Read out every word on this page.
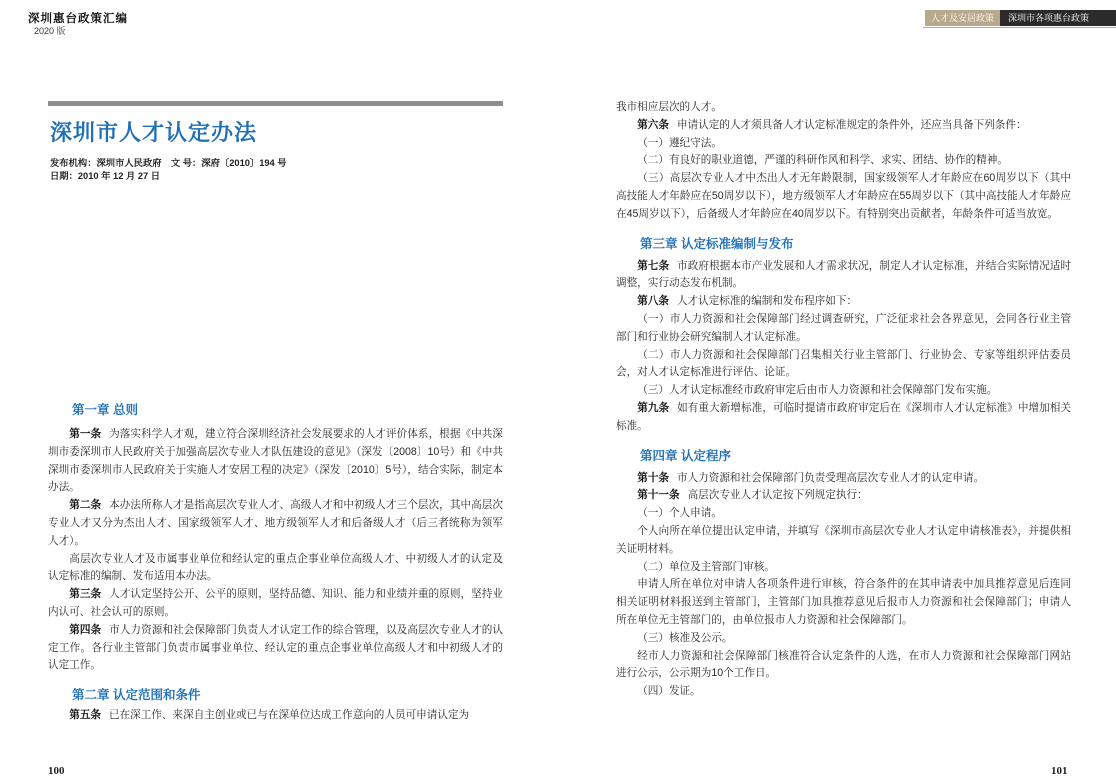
深圳惠台政策汇编
2020 版
人才及安居政策	深圳市各项惠台政策
深圳市人才认定办法
发布机构：深圳市人民政府　文 号：深府〔2010〕194 号
日期：2010 年 12 月 27 日
第一章 总则

第一条 为落实科学人才观，建立符合深圳经济社会发展要求的人才评价体系，根据《中共深圳市委深圳市人民政府关于加强高层次专业人才队伍建设的意见》（深发〔2008〕10号）和《中共深圳市委深圳市人民政府关于实施人才安居工程的决定》（深发〔2010〕5号），结合实际，制定本办法。

第二条 本办法所称人才是指高层次专业人才、高级人才和中初级人才三个层次，其中高层次专业人才又分为杰出人才、国家级领军人才、地方级领军人才和后备级人才（后三者统称为领军人才）。

高层次专业人才及市属事业单位和经认定的重点企事业单位高级人才、中初级人才的认定及认定标准的编制、发布适用本办法。

第三条 人才认定坚持公开、公平的原则，坚持品德、知识、能力和业绩并重的原则，坚持业内认可、社会认可的原则。

第四条 市人力资源和社会保障部门负责人才认定工作的综合管理，以及高层次专业人才的认定工作。各行业主管部门负责市属事业单位、经认定的重点企事业单位高级人才和中初级人才的认定工作。

第二章 认定范围和条件

第五条 已在深工作、来深自主创业或已与在深单位达成工作意向的人员可申请认定为

我市相应层次的人才。

第六条 申请认定的人才须具备人才认定标准规定的条件外，还应当具备下列条件：

（一）遵纪守法。

（二）有良好的职业道德，严谨的科研作风和科学、求实、团结、协作的精神。

（三）高层次专业人才中杰出人才无年龄限制，国家级领军人才年龄应在60周岁以下（其中高技能人才年龄应在50周岁以下），地方级领军人才年龄应在55周岁以下（其中高技能人才年龄应在45周岁以下），后备级人才年龄应在40周岁以下。有特别突出贡献者，年龄条件可适当放宽。

第三章 认定标准编制与发布

第七条 市政府根据本市产业发展和人才需求状况，制定人才认定标准，并结合实际情况适时调整，实行动态发布机制。

第八条 人才认定标准的编制和发布程序如下：

（一）市人力资源和社会保障部门经过调查研究，广泛征求社会各界意见，会同各行业主管部门和行业协会研究编制人才认定标准。

（二）市人力资源和社会保障部门召集相关行业主管部门、行业协会、专家等组织评估委员会，对人才认定标准进行评估、论证。

（三）人才认定标准经市政府审定后由市人力资源和社会保障部门发布实施。

第九条 如有重大新增标准，可临时提请市政府审定后在《深圳市人才认定标准》中增加相关标准。

第四章 认定程序

第十条 市人力资源和社会保障部门负责受理高层次专业人才的认定申请。

第十一条 高层次专业人才认定按下列规定执行：

（一）个人申请。

个人向所在单位提出认定申请，并填写《深圳市高层次专业人才认定申请核准表》，并提供相关证明材料。

（二）单位及主管部门审核。

申请人所在单位对申请人各项条件进行审核，符合条件的在其申请表中加具推荐意见后连同相关证明材料报送到主管部门，主管部门加具推荐意见后报市人力资源和社会保障部门；申请人所在单位无主管部门的，由单位报市人力资源和社会保障部门。

（三）核准及公示。

经市人力资源和社会保障部门核准符合认定条件的人选，在市人力资源和社会保障部门网站进行公示，公示期为10个工作日。

（四）发证。

100	101
